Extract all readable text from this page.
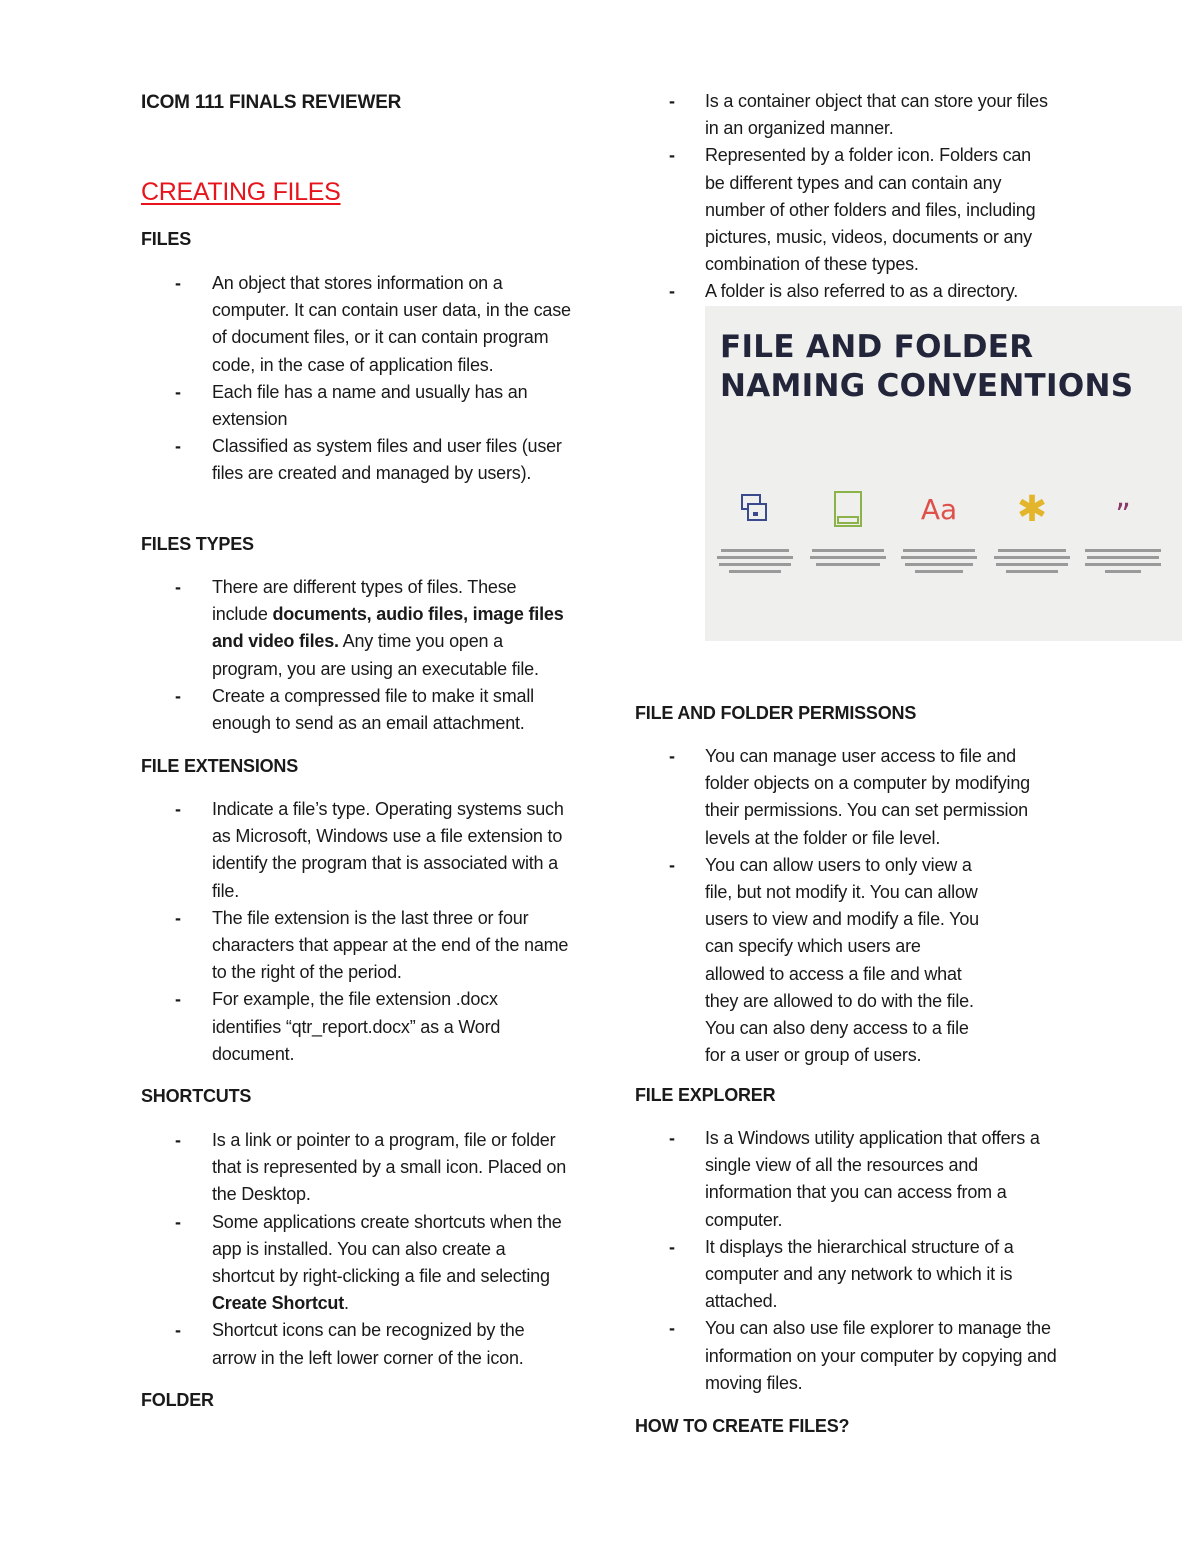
ICOM 111 FINALS REVIEWER
CREATING FILES
FILES
- An object that stores information on a computer. It can contain user data, in the case of document files, or it can contain program code, in the case of application files.
- Each file has a name and usually has an extension
- Classified as system files and user files (user files are created and managed by users).
FILES TYPES
- There are different types of files. These include documents, audio files, image files and video files. Any time you open a program, you are using an executable file.
- Create a compressed file to make it small enough to send as an email attachment.
FILE EXTENSIONS
- Indicate a file’s type. Operating systems such as Microsoft, Windows use a file extension to identify the program that is associated with a file.
- The file extension is the last three or four characters that appear at the end of the name to the right of the period.
- For example, the file extension .docx identifies “qtr_report.docx” as a Word document.
SHORTCUTS
- Is a link or pointer to a program, file or folder that is represented by a small icon. Placed on the Desktop.
- Some applications create shortcuts when the app is installed. You can also create a shortcut by right-clicking a file and selecting Create Shortcut.
- Shortcut icons can be recognized by the arrow in the left lower corner of the icon.
FOLDER
- Is a container object that can store your files in an organized manner.
- Represented by a folder icon. Folders can be different types and can contain any number of other folders and files, including pictures, music, videos, documents or any combination of these types.
- A folder is also referred to as a directory.
FILE AND FOLDER PERMISSONS
- You can manage user access to file and folder objects on a computer by modifying their permissions. You can set permission levels at the folder or file level.
- You can allow users to only view a file, but not modify it. You can allow users to view and modify a file. You can specify which users are allowed to access a file and what they are allowed to do with the file. You can also deny access to a file for a user or group of users.
FILE EXPLORER
- Is a Windows utility application that offers a single view of all the resources and information that you can access from a computer.
- It displays the hierarchical structure of a computer and any network to which it is attached.
- You can also use file explorer to manage the information on your computer by copying and moving files.
HOW TO CREATE FILES?
FILE AND FOLDER NAMING CONVENTIONS
Aa	✱	”
